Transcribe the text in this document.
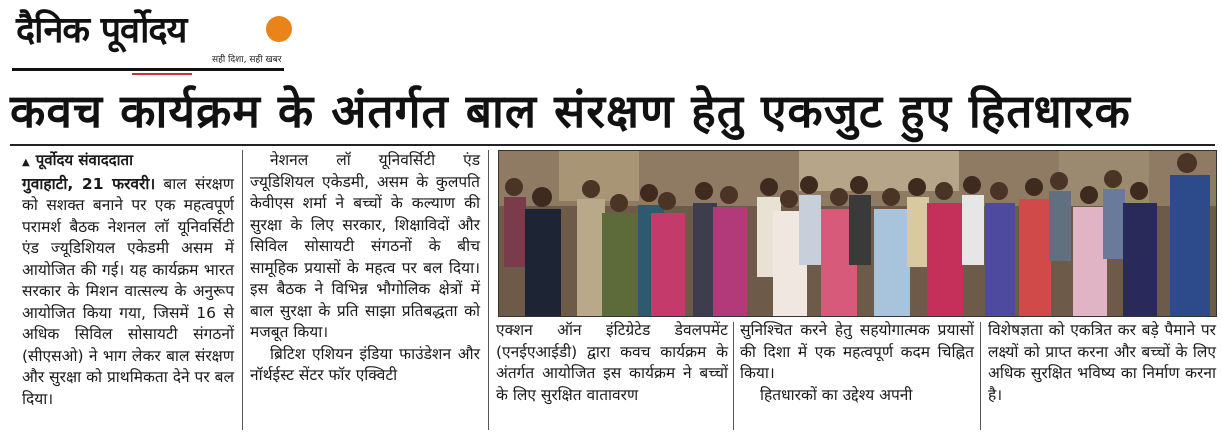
दैनिक पूर्वोदय
सही दिशा, सही खबर
कवच कार्यक्रम के अंतर्गत बाल संरक्षण हेतु एकजुट हुए हितधारक
▲ पूर्वोदय संवाददाता

गुवाहाटी, 21 फरवरी। बाल संरक्षण को सशक्त बनाने पर एक महत्वपूर्ण परामर्श बैठक नेशनल लॉ यूनिवर्सिटी एंड ज्यूडिशियल एकेडमी असम में आयोजित की गई। यह कार्यक्रम भारत सरकार के मिशन वात्सल्य के अनुरूप आयोजित किया गया, जिसमें 16 से अधिक सिविल सोसायटी संगठनों (सीएसओ) ने भाग लेकर बाल संरक्षण और सुरक्षा को प्राथमिकता देने पर बल दिया।

नेशनल लॉ यूनिवर्सिटी एंड ज्यूडिशियल एकेडमी, असम के कुलपति केवीएस शर्मा ने बच्चों के कल्याण की सुरक्षा के लिए सरकार, शिक्षाविदों और सिविल सोसायटी संगठनों के बीच सामूहिक प्रयासों के महत्व पर बल दिया। इस बैठक ने विभिन्न भौगोलिक क्षेत्रों में बाल सुरक्षा के प्रति साझा प्रतिबद्धता को मजबूत किया।

ब्रिटिश एशियन इंडिया फाउंडेशन और नॉर्थईस्ट सेंटर फॉर एक्विटी

एक्शन ऑन इंटिग्रेटेड डेवलपमेंट (एनईएआईडी) द्वारा कवच कार्यक्रम के अंतर्गत आयोजित इस कार्यक्रम ने बच्चों के लिए सुरक्षित वातावरण

सुनिश्चित करने हेतु सहयोगात्मक प्रयासों की दिशा में एक महत्वपूर्ण कदम चिह्नित किया।

हितधारकों का उद्देश्य अपनी

विशेषज्ञता को एकत्रित कर बड़े पैमाने पर लक्ष्यों को प्राप्त करना और बच्चों के लिए अधिक सुरक्षित भविष्य का निर्माण करना है।
